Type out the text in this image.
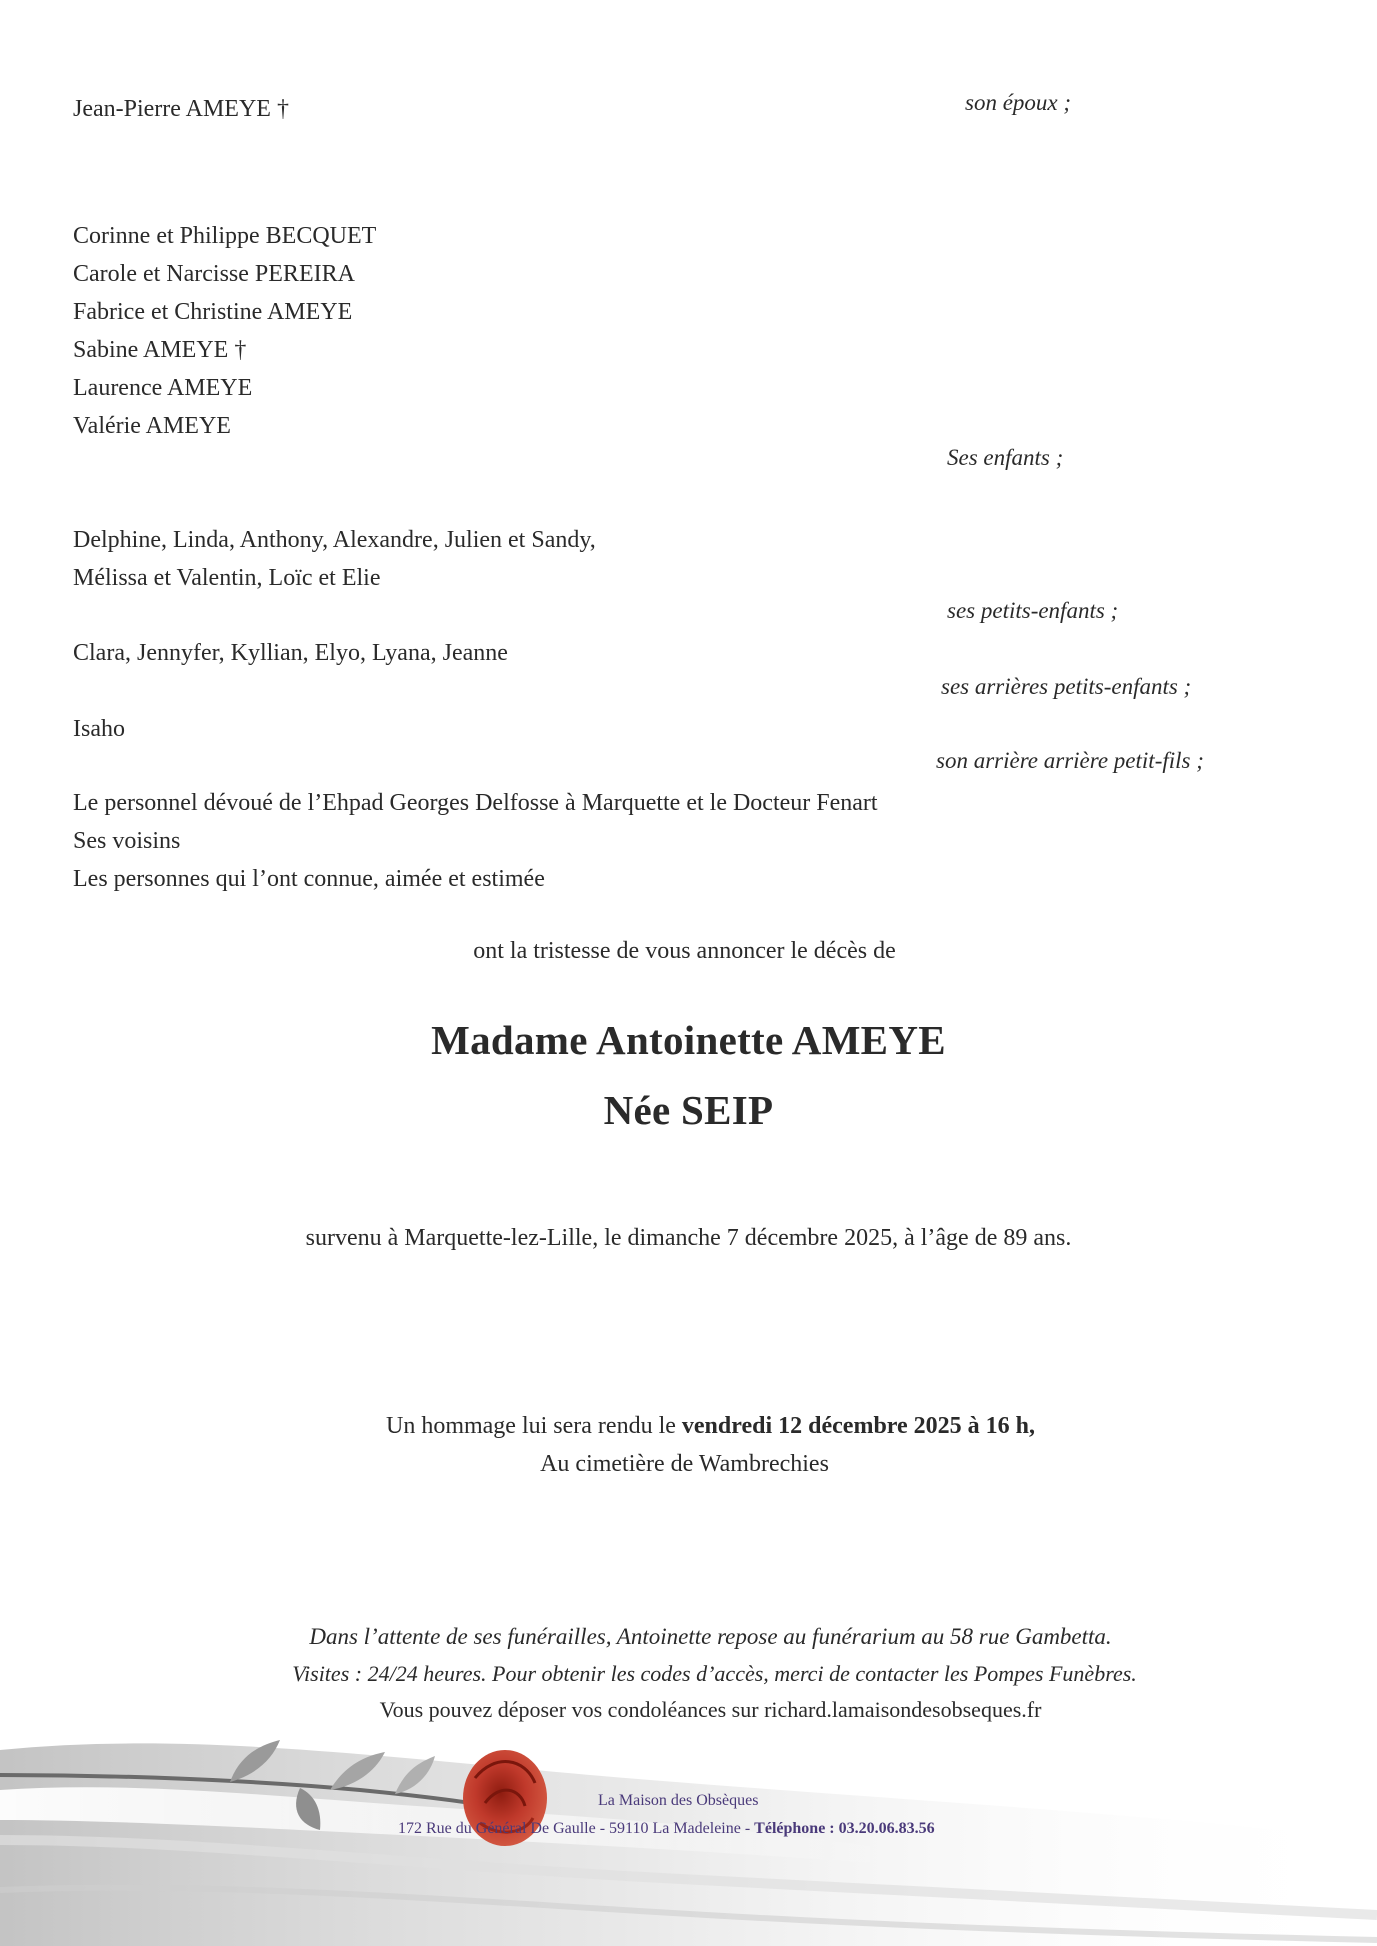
Jean-Pierre AMEYE †	son époux ;
Corinne et Philippe BECQUET
Carole et Narcisse PEREIRA
Fabrice et Christine AMEYE
Sabine AMEYE †
Laurence AMEYE
Valérie AMEYE
Ses enfants ;
Delphine, Linda, Anthony, Alexandre, Julien et Sandy,
Mélissa et Valentin, Loïc et Elie
ses petits-enfants ;
Clara, Jennyfer, Kyllian, Elyo, Lyana, Jeanne
ses arrières petits-enfants ;
Isaho
son arrière arrière petit-fils ;
Le personnel dévoué de l’Ehpad Georges Delfosse à Marquette et le Docteur Fenart
Ses voisins
Les personnes qui l’ont connue, aimée et estimée
ont la tristesse de vous annoncer le décès de
Madame Antoinette AMEYE
Née SEIP
survenu à Marquette-lez-Lille, le dimanche 7 décembre 2025, à l’âge de 89 ans.
Un hommage lui sera rendu le vendredi 12 décembre 2025 à 16 h,
Au cimetière de Wambrechies
Dans l’attente de ses funérailles, Antoinette repose au funérarium au 58 rue Gambetta.
Visites : 24/24 heures. Pour obtenir les codes d’accès, merci de contacter les Pompes Funèbres.
Vous pouvez déposer vos condoléances sur richard.lamaisondesobseques.fr
La Maison des Obsèques
172 Rue du Général De Gaulle - 59110 La Madeleine - Téléphone : 03.20.06.83.56
